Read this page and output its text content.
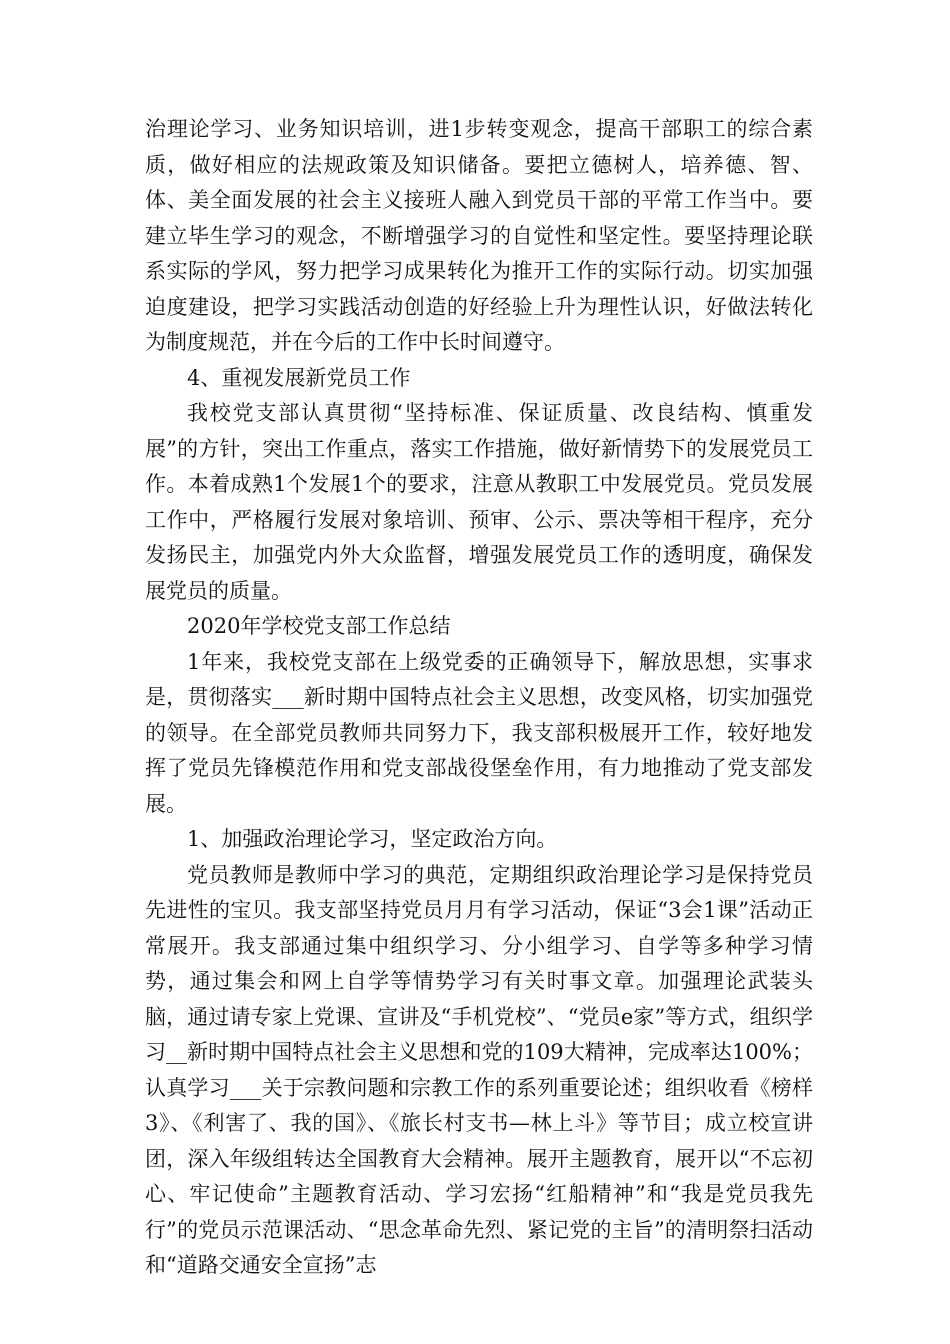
治理论学习、业务知识培训，进1步转变观念，提高干部职工的综合素质，做好相应的法规政策及知识储备。要把立德树人，培养德、智、体、美全面发展的社会主义接班人融入到党员干部的平常工作当中。要建立毕生学习的观念，不断增强学习的自觉性和坚定性。要坚持理论联系实际的学风，努力把学习成果转化为推开工作的实际行动。切实加强迫度建设，把学习实践活动创造的好经验上升为理性认识，好做法转化为制度规范，并在今后的工作中长时间遵守。

4、重视发展新党员工作

我校党支部认真贯彻“坚持标准、保证质量、改良结构、慎重发展”的方针，突出工作重点，落实工作措施，做好新情势下的发展党员工作。本着成熟1个发展1个的要求，注意从教职工中发展党员。党员发展工作中，严格履行发展对象培训、预审、公示、票决等相干程序，充分发扬民主，加强党内外大众监督，增强发展党员工作的透明度，确保发展党员的质量。

2020年学校党支部工作总结

1年来，我校党支部在上级党委的正确领导下，解放思想，实事求是，贯彻落实___新时期中国特点社会主义思想，改变风格，切实加强党的领导。在全部党员教师共同努力下，我支部积极展开工作，较好地发挥了党员先锋模范作用和党支部战役堡垒作用，有力地推动了党支部发展。

1、加强政治理论学习，坚定政治方向。

党员教师是教师中学习的典范，定期组织政治理论学习是保持党员先进性的宝贝。我支部坚持党员月月有学习活动，保证“3会1课”活动正常展开。我支部通过集中组织学习、分小组学习、自学等多种学习情势，通过集会和网上自学等情势学习有关时事文章。加强理论武装头脑，通过请专家上党课、宣讲及“手机党校”、“党员e家”等方式，组织学习__新时期中国特点社会主义思想和党的109大精神，完成率达100%；认真学习___关于宗教问题和宗教工作的系列重要论述；组织收看《榜样3》、《利害了、我的国》、《旅长村支书—林上斗》等节目；成立校宣讲团，深入年级组转达全国教育大会精神。展开主题教育，展开以“不忘初心、牢记使命”主题教育活动、学习宏扬“红船精神”和“我是党员我先行”的党员示范课活动、“思念革命先烈、紧记党的主旨”的清明祭扫活动和“道路交通安全宣扬”志
